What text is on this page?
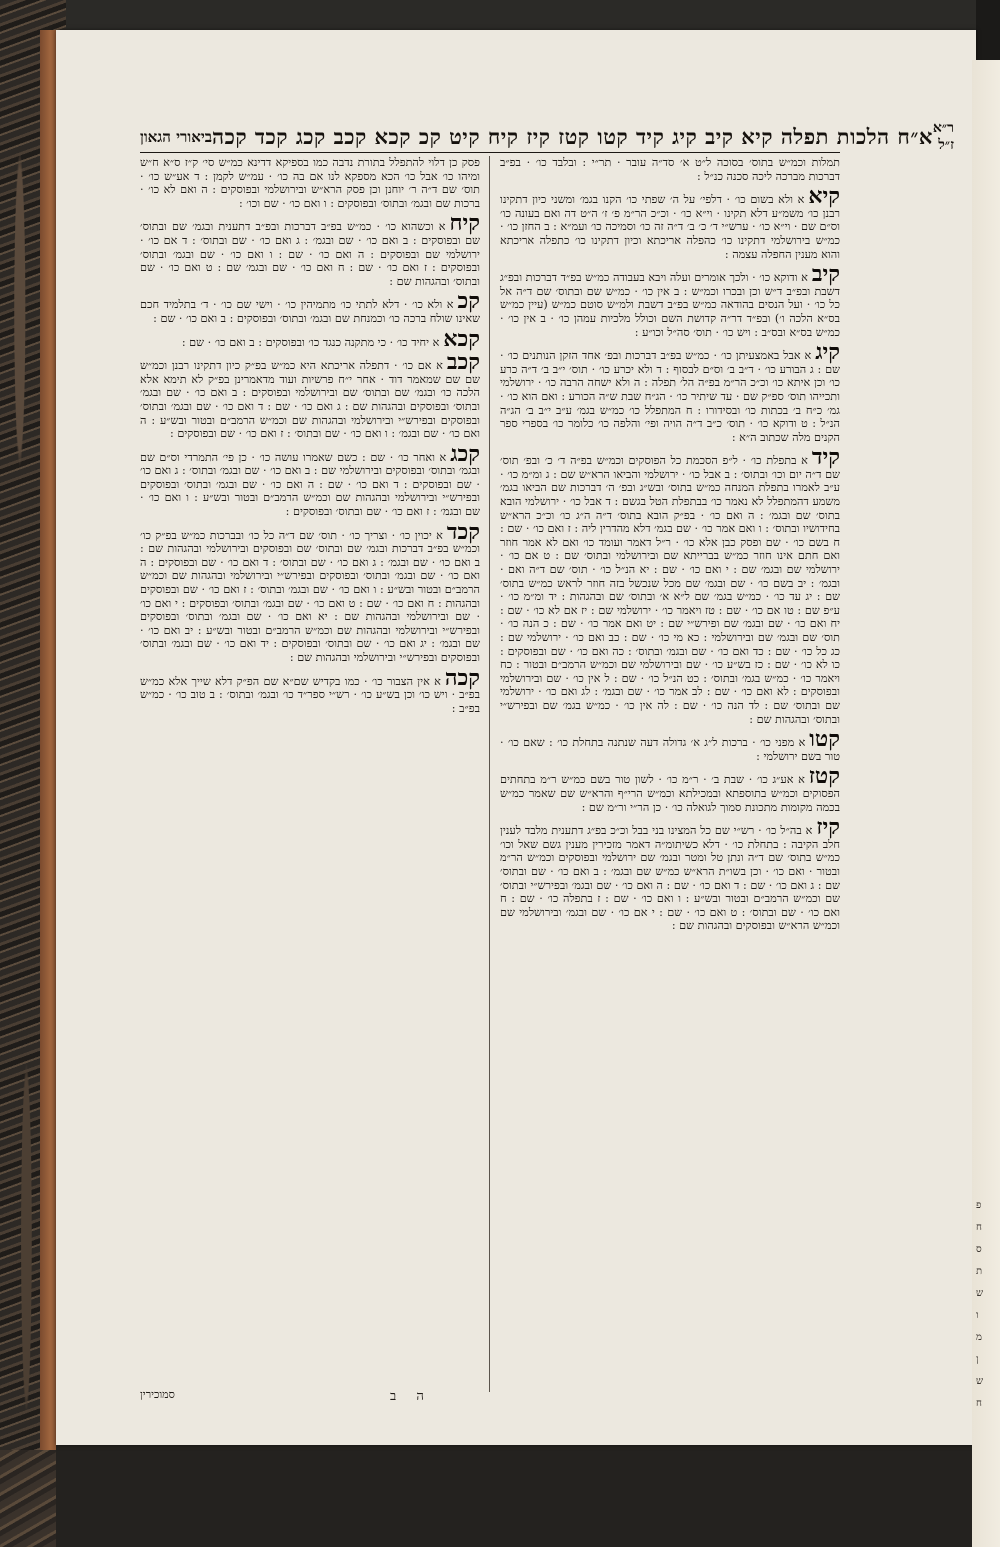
פ
ח
ס
ת
ש
ו
מ
ן
ש
ח
ביאורי הגאון א״ח הלכות תפלה קיא קיב קיג קיד קטו קטז קיז קיח קיט קכ קכא קכב קכג קכד קכה ר״א ז״ל

תמלות וכמ״ש בתוס׳ בסוכה ל״ט א׳ סד״ה עובר · תר״י : ובלבד כו׳ · בפ״ב דברכות מברכה ליכה סכנה כנ״ל :

קיאא ולא בשום כו׳ · דלפי׳ על ה׳ שפתי כו׳ הקנו בגמ׳ ומשני כיון דתקינו רבנן כו׳ משמ״ע דלא תקינו · וי״א כו׳ · וכ״כ הר״מ פ׳ ז׳ ה״ט דה ואם בעונה כו׳ וס״ם שם · וי״א כו׳ · ערש״י ד׳ כ׳ ב׳ ד״ה זה כו׳ וסמיכה כו׳ ועמ״א : ב החזן כו׳ · כמ״ש בירושלמי דתקינו כו׳ כהפלה אריכתא וכיון דתקינו כו׳ כתפלה אריכתא והוא מענין החפלה עצמה :

קיבא ודוקא כו׳ · ולכך אומרים ועלה ויבא בעבודה כמ״ש בפ״ד דברכות ובפ״ג דשבת ובפ״ב ד״ש וכן ובכרו וכמ״ש : ב אין כו׳ · כמ״ש שם ובתוס׳ שם ד״ה אל כל כו׳ · ועל הנסים בהודאה כמ״ש בפ״ב דשבת ולמ״ש סוטם כמ״ש (עיין כמ״ש בס״א הלכה ו׳) ובפ״ד דר״ה קדושת השם וכולל מלכיות עמהן כו׳ · ב אין כו׳ · כמ״ש בס״א ובס״ב : ויש כו׳ · תוס׳ סה״ל וכו״ע :

קיגא אבל באמצעיתן כו׳ · כמ״ש בפ״ב דברכות ובפ׳ אחד הזקן הנותנים כו׳ · שם : ג הבורע כו׳ · ד״ב ב׳ וס״ם לבסוף : ד ולא יכרע כו׳ · תוס׳ י״ב ב׳ ד״ה כרע כו׳ וכן איתא כו׳ וכ״כ הר״מ בפ״ה הל׳ תפלה : ה ולא ישחה הרבה כו׳ · ירושלמי ותכייהו תוס׳ ספ״ק שם · עד שיתיר כו׳ · הג״ח שבת ש״ה הכורע : ואם הוא כו׳ · גמ׳ כ״ח ב׳ בכתות כו׳ ובסידורו : ח המתפלל כו׳ כמ״ש בגמ׳ ע״ב י״ב ב׳ הג״ה הנ״ל : ט ודוקא כו׳ · תוס׳ כ״ב ד״ה הויה ופי׳ והלפה כו׳ כלומר כו׳ בספרי ספר הקנים מלה שכתוב ה״א :

קידא בתפלת כו׳ · ל״פ הסכמת כל הפוסקים וכמ״ש בפ״ה ד׳ כ׳ ובפ׳ תוס׳ שם ד״ה יום וכו׳ ובתוס׳ : ב אבל כו׳ · ירושלמי והביאו הרא״ש שם : ג ומ״מ כו׳ · ע״ב לאמרו בתפלת המנחה כמ״ש בתוס׳ ובש״ג ובפ׳ ה׳ דברכות שם הביאו בגמ׳ משמע דהמתפלל לא נאמר כו׳ בבתפלת הטל בגשם : ד אבל כו׳ · ירושלמי הובא בתוס׳ שם ובגמ׳ : ה ואם כו׳ · בפ״ק הובא בתוס׳ ד״ה ה״ג כו׳ וכ״כ הרא״ש בחידושיו ובתוס׳ : ו ואם אמר כו׳ · שם בגמ׳ דלא מהדרין ליה : ז ואם כו׳ · שם : ח בשם כו׳ · שם ופסק כבן אלא כו׳ · ר״ל דאמר ועומד כו׳ ואם לא אמר חוזר ואם חתם אינו חוזר כמ״ש בברייתא שם ובירושלמי ובתוס׳ שם : ט אם כו׳ · ירושלמי שם ובגמ׳ שם : י ואם כו׳ · שם : יא הנ״ל כו׳ · תוס׳ שם ד״ה ואם · ובגמ׳ : יב בשם כו׳ · שם ובגמ׳ שם מכל שנכשל בזה חוזר לראש כמ״ש בתוס׳ שם : יג עד כו׳ · כמ״ש בגמ׳ שם ל״א א׳ ובתוס׳ שם ובהגהות : יד ומ״מ כו׳ · ע״פ שם : טו אם כו׳ · שם : טז ויאמר כו׳ · ירושלמי שם : יז אם לא כו׳ · שם : יח ואם כו׳ · שם ובגמ׳ שם ופירש״י שם : יט ואם אמר כו׳ · שם : כ הנה כו׳ · תוס׳ שם ובגמ׳ שם ובירושלמי : כא מי כו׳ · שם : כב ואם כו׳ · ירושלמי שם : כג כל כו׳ · שם : כד ואם כו׳ · שם ובגמ׳ ובתוס׳ : כה ואם כו׳ · שם ובפוסקים : כו לא כו׳ · שם : כז בש״ע כו׳ · שם ובירושלמי שם וכמ״ש הרמב״ם ובטור : כח ויאמר כו׳ · כמ״ש בגמ׳ ובתוס׳ : כט הנ״ל כו׳ · שם : ל אין כו׳ · שם ובירושלמי ובפוסקים : לא ואם כו׳ · שם : לב אמר כו׳ · שם ובגמ׳ : לג ואם כו׳ · ירושלמי שם ובתוס׳ שם : לד הנה כו׳ · שם : לה אין כו׳ · כמ״ש בגמ׳ שם ובפירש״י ובתוס׳ ובהגהות שם :

קטוא מפני כו׳ · ברכות ל״ג א׳ גדולה דעה שנתנה בתחלת כו׳ : שאם כו׳ · טור בשם ירושלמי :

קטזא אע״ג כו׳ · שבת ב׳ · ר״מ כו׳ · לשון טור בשם כמ״ש ר״מ בתחתים הפסוקים וכמ״ש בתוספתא ובמכילתא וכמ״ש הרי״ף והרא״ש שם שאמר כמ״ש בכמה מקומות מתכונת סמוך לגואלה כו׳ · כן הר״י ור״מ שם :

קיזא בה״ל כו׳ · רש״י שם כל המצינו בני בבל וכ״כ בפ״ג דתענית מלבד לענין חלב הקיבה : בתחלת כו׳ · דלא כשיתומ״ה דאמר מזכירין מענין גשם שאל וכו׳ כמ״ש בתוס׳ שם ד״ה ונתן טל ומטר ובגמ׳ שם ירושלמי ובפוסקים וכמ״ש הר״מ ובטור · ואם כו׳ · וכן בשו״ת הרא״ש כמ״ש שם ובגמ׳ : ב ואם כו׳ · שם ובתוס׳ שם : ג ואם כו׳ · שם : ד ואם כו׳ · שם : ה ואם כו׳ · שם ובגמ׳ ובפירש״י ובתוס׳ שם וכמ״ש הרמב״ם ובטור ובש״ע : ו ואם כו׳ · שם : ז בתפלה כו׳ · שם : ח ואם כו׳ · שם ובתוס׳ : ט ואם כו׳ · שם : י אם כו׳ · שם ובגמ׳ ובירושלמי שם וכמ״ש הרא״ש ובפוסקים ובהגהות שם :

פסק כן דלוי להתפלל בתורת נדבה כמו בספיקא דדינא כמ״ש סי׳ ק״ז ס״א ח״ש ומיהו כו׳ אבל כו׳ הכא מספקא לנו אם בה כו׳ · עמ״ש לקמן : ד אע״ש כו׳ · תוס׳ שם ד״ה ר׳ יוחנן וכן פסק הרא״ש ובירושלמי ובפוסקים : ה ואם לא כו׳ · ברכות שם ובגמ׳ ובתוס׳ ובפוסקים : ו ואם כו׳ · שם וכו׳ :

קיחא וכשהוא כו׳ · כמ״ש בפ״ב דברכות ובפ״ב דתענית ובגמ׳ שם ובתוס׳ שם ובפוסקים : ב ואם כו׳ · שם ובגמ׳ : ג ואם כו׳ · שם ובתוס׳ : ד אם כו׳ · ירושלמי שם ובפוסקים : ה ואם כו׳ · שם : ו ואם כו׳ · שם ובגמ׳ ובתוס׳ ובפוסקים : ז ואם כו׳ · שם : ח ואם כו׳ · שם ובגמ׳ שם : ט ואם כו׳ · שם ובתוס׳ ובהגהות שם :

קכא ולא כו׳ · דלא לתתי כו׳ מתמיהין כו׳ · וישי שם כו׳ · ד׳ בתלמיד חכם שאינו שולח ברכה כו׳ וכמנחת שם ובגמ׳ ובתוס׳ ובפוסקים : ב ואם כו׳ · שם :

קכאא יחיד כו׳ · כי מתקנה כנגד כו׳ ובפוסקים : ב ואם כו׳ · שם :

קכבא אם כו׳ · דתפלה אריכתא היא כמ״ש בפ״ק כיון דתקינו רבנן וכמ״ש שם שם שמאמר דוד · אחר י״ח פרשיות ועוד מדאמרינן בפ״ק לא תימא אלא הלכה כו׳ ובגמ׳ שם ובתוס׳ שם ובירושלמי ובפוסקים : ב ואם כו׳ · שם ובגמ׳ ובתוס׳ ובפוסקים ובהגהות שם : ג ואם כו׳ · שם : ד ואם כו׳ · שם ובגמ׳ ובתוס׳ ובפוסקים ובפירש״י ובירושלמי ובהגהות שם וכמ״ש הרמב״ם ובטור ובש״ע : ה ואם כו׳ · שם ובגמ׳ : ו ואם כו׳ · שם ובתוס׳ : ז ואם כו׳ · שם ובפוסקים :

קכגא ואחר כו׳ · שם : כשם שאמרו עושה כו׳ · כן פי׳ התמרדי וס״ם שם ובגמ׳ ובתוס׳ ובפוסקים ובירושלמי שם : ב ואם כו׳ · שם ובגמ׳ ובתוס׳ : ג ואם כו׳ · שם ובפוסקים : ד ואם כו׳ · שם : ה ואם כו׳ · שם ובגמ׳ ובתוס׳ ובפוסקים ובפירש״י ובירושלמי ובהגהות שם וכמ״ש הרמב״ם ובטור ובש״ע : ו ואם כו׳ · שם ובגמ׳ : ז ואם כו׳ · שם ובתוס׳ ובפוסקים :

קכדא יכוין כו׳ · וצריך כו׳ · תוס׳ שם ד״ה כל כו׳ ובברכות כמ״ש בפ״ק כו׳ וכמ״ש בפ״ב דברכות ובגמ׳ שם ובתוס׳ שם ובפוסקים ובירושלמי ובהגהות שם : ב ואם כו׳ · שם ובגמ׳ : ג ואם כו׳ · שם ובתוס׳ : ד ואם כו׳ · שם ובפוסקים : ה ואם כו׳ · שם ובגמ׳ ובתוס׳ ובפוסקים ובפירש״י ובירושלמי ובהגהות שם וכמ״ש הרמב״ם ובטור ובש״ע : ו ואם כו׳ · שם ובגמ׳ ובתוס׳ : ז ואם כו׳ · שם ובפוסקים ובהגהות : ח ואם כו׳ · שם : ט ואם כו׳ · שם ובגמ׳ ובתוס׳ ובפוסקים : י ואם כו׳ · שם ובירושלמי ובהגהות שם : יא ואם כו׳ · שם ובגמ׳ ובתוס׳ ובפוסקים ובפירש״י ובירושלמי ובהגהות שם וכמ״ש הרמב״ם ובטור ובש״ע : יב ואם כו׳ · שם ובגמ׳ : יג ואם כו׳ · שם ובתוס׳ ובפוסקים : יד ואם כו׳ · שם ובגמ׳ ובתוס׳ ובפוסקים ובפירש״י ובירושלמי ובהגהות שם :

קכהא אין הצבור כו׳ · כמו בקדיש שם״א שם הפ״ק דלא שייך אלא כמ״ש בפ״ב · ויש כו׳ וכן בש״ע כו׳ · רש״י ספר״ד כו׳ ובגמ׳ ובתוס׳ : ב טוב כו׳ · כמ״ש בפ״ב :

ה ב
סמוכירין
